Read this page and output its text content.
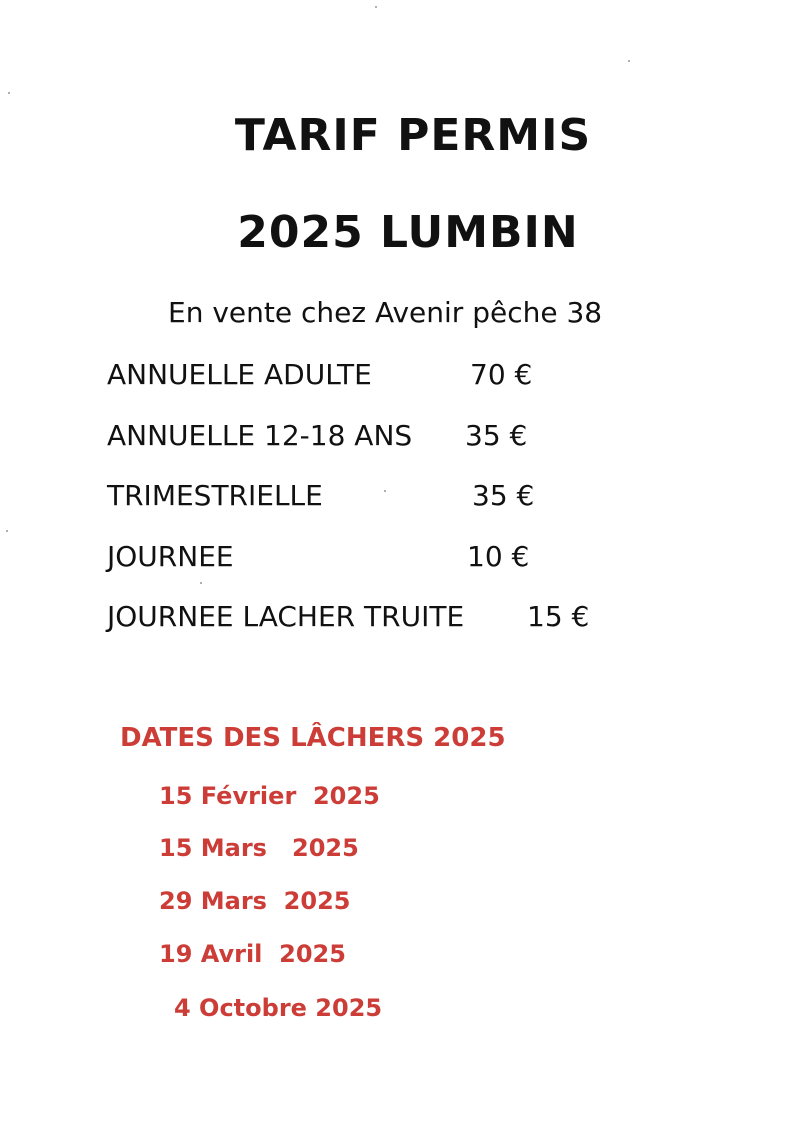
TARIF PERMIS
2025 LUMBIN
En vente chez Avenir pêche 38
ANNUELLE ADULTE	70 €
ANNUELLE 12-18 ANS 35 €
TRIMESTRIELLE	35 €
JOURNEE	10 €
JOURNEE LACHER TRUITE 15 €
DATES DES LÂCHERS 2025
15 Février  2025
15 Mars   2025
29 Mars  2025
19 Avril  2025
4 Octobre 2025
